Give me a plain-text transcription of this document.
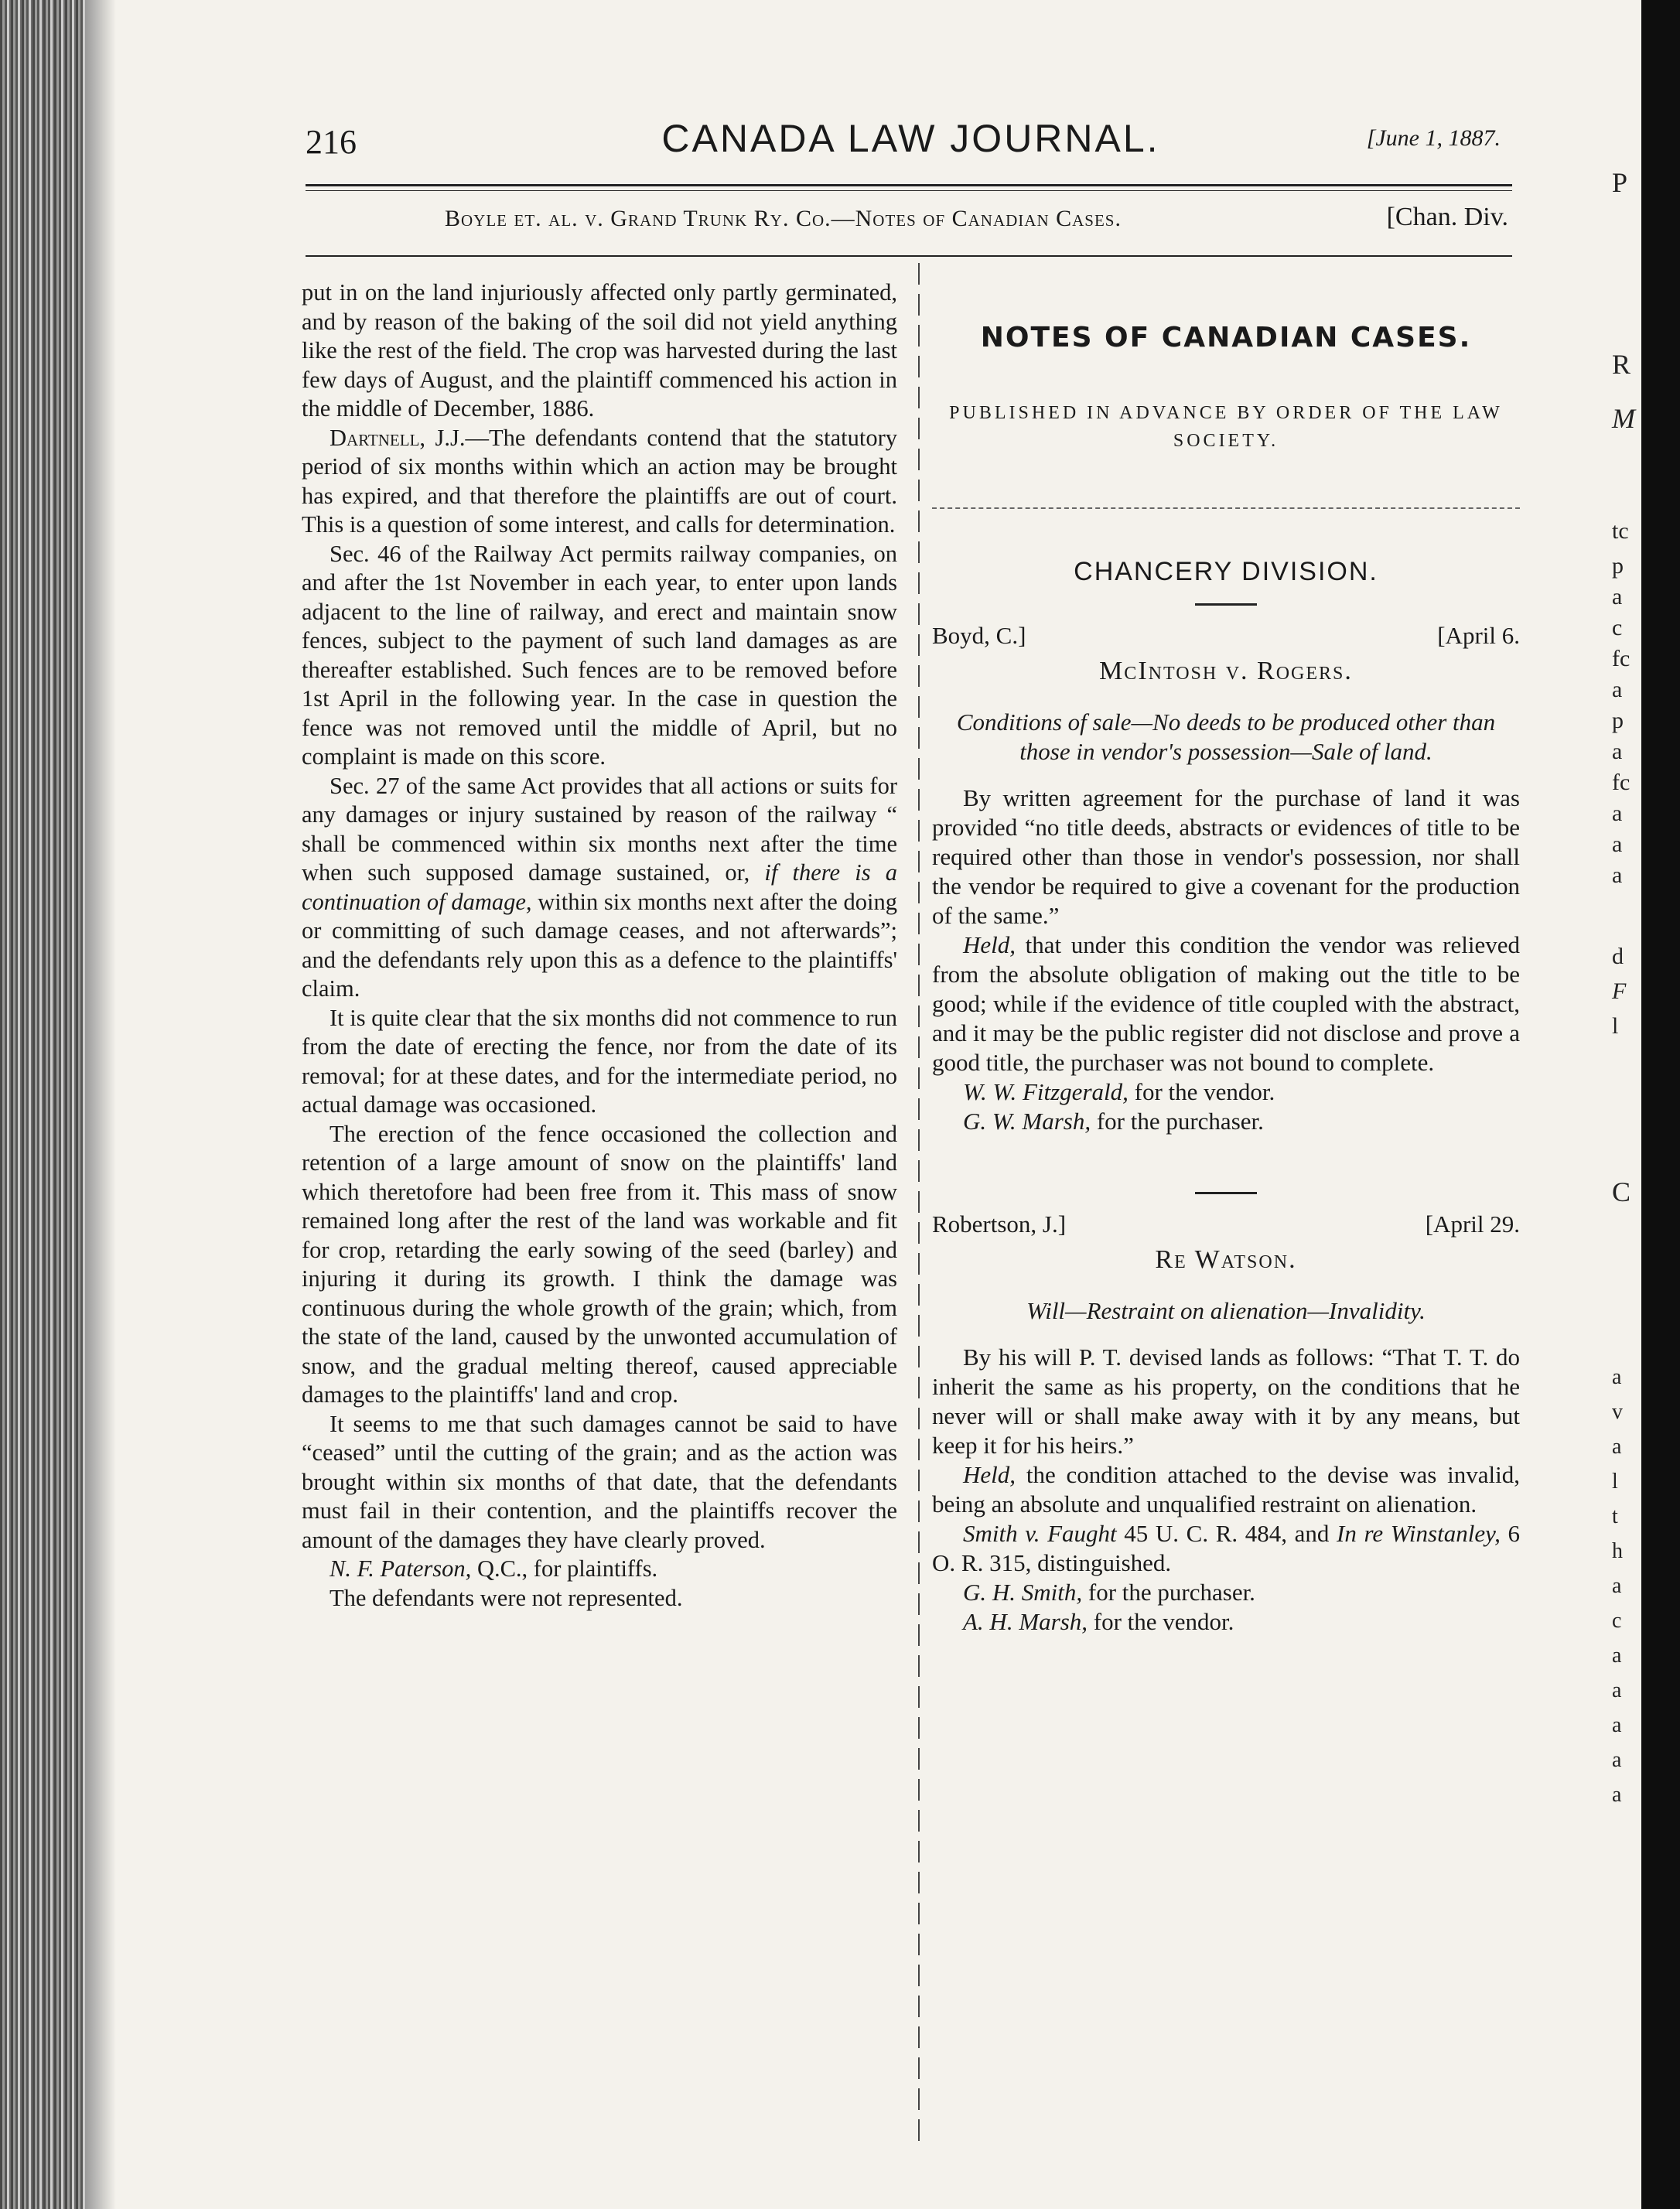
P
R
M
tc
p
a
c
fc
a
p
a
fc
a
a
a
d
F
l
C
a
v
a
l
t
h
a
c
a
a
a
a
a
216	CANADA LAW JOURNAL.	[June 1, 1887.
Boyle et. al. v. Grand Trunk Ry. Co.—Notes of Canadian Cases.	[Chan. Div.

put in on the land injuriously affected only partly germinated, and by reason of the baking of the soil did not yield anything like the rest of the field. The crop was harvested during the last few days of August, and the plaintiff commenced his action in the middle of December, 1886.

Dartnell, J.J.—The defendants contend that the statutory period of six months within which an action may be brought has expired, and that therefore the plaintiffs are out of court. This is a question of some interest, and calls for determination.

Sec. 46 of the Railway Act permits railway companies, on and after the 1st November in each year, to enter upon lands adjacent to the line of railway, and erect and maintain snow fences, subject to the payment of such land damages as are thereafter established. Such fences are to be removed before 1st April in the following year. In the case in question the fence was not removed until the middle of April, but no complaint is made on this score.

Sec. 27 of the same Act provides that all actions or suits for any damages or injury sustained by reason of the railway “ shall be commenced within six months next after the time when such supposed damage sustained, or, if there is a continuation of damage, within six months next after the doing or committing of such damage ceases, and not afterwards”; and the defendants rely upon this as a defence to the plaintiffs' claim.

It is quite clear that the six months did not commence to run from the date of erecting the fence, nor from the date of its removal; for at these dates, and for the intermediate period, no actual damage was occasioned.

The erection of the fence occasioned the collection and retention of a large amount of snow on the plaintiffs' land which theretofore had been free from it. This mass of snow remained long after the rest of the land was workable and fit for crop, retarding the early sowing of the seed (barley) and injuring it during its growth. I think the damage was continuous during the whole growth of the grain; which, from the state of the land, caused by the unwonted accumulation of snow, and the gradual melting thereof, caused appreciable damages to the plaintiffs' land and crop.

It seems to me that such damages cannot be said to have “ceased” until the cutting of the grain; and as the action was brought within six months of that date, that the defendants must fail in their contention, and the plaintiffs recover the amount of the damages they have clearly proved.

N. F. Paterson, Q.C., for plaintiffs.

The defendants were not represented.

NOTES OF CANADIAN CASES.

PUBLISHED IN ADVANCE BY ORDER OF THE LAW SOCIETY.

CHANCERY DIVISION.

Boyd, C.]	[April 6.

McIntosh v. Rogers.

Conditions of sale—No deeds to be produced other than those in vendor's possession—Sale of land.

By written agreement for the purchase of land it was provided “no title deeds, abstracts or evidences of title to be required other than those in vendor's possession, nor shall the vendor be required to give a covenant for the production of the same.”

Held, that under this condition the vendor was relieved from the absolute obligation of making out the title to be good; while if the evidence of title coupled with the abstract, and it may be the public register did not disclose and prove a good title, the purchaser was not bound to complete.

W. W. Fitzgerald, for the vendor.

G. W. Marsh, for the purchaser.

Robertson, J.]	[April 29.

Re Watson.

Will—Restraint on alienation—Invalidity.

By his will P. T. devised lands as follows: “That T. T. do inherit the same as his property, on the conditions that he never will or shall make away with it by any means, but keep it for his heirs.”

Held, the condition attached to the devise was invalid, being an absolute and unqualified restraint on alienation.

Smith v. Faught 45 U. C. R. 484, and In re Winstanley, 6 O. R. 315, distinguished.

G. H. Smith, for the purchaser.

A. H. Marsh, for the vendor.
